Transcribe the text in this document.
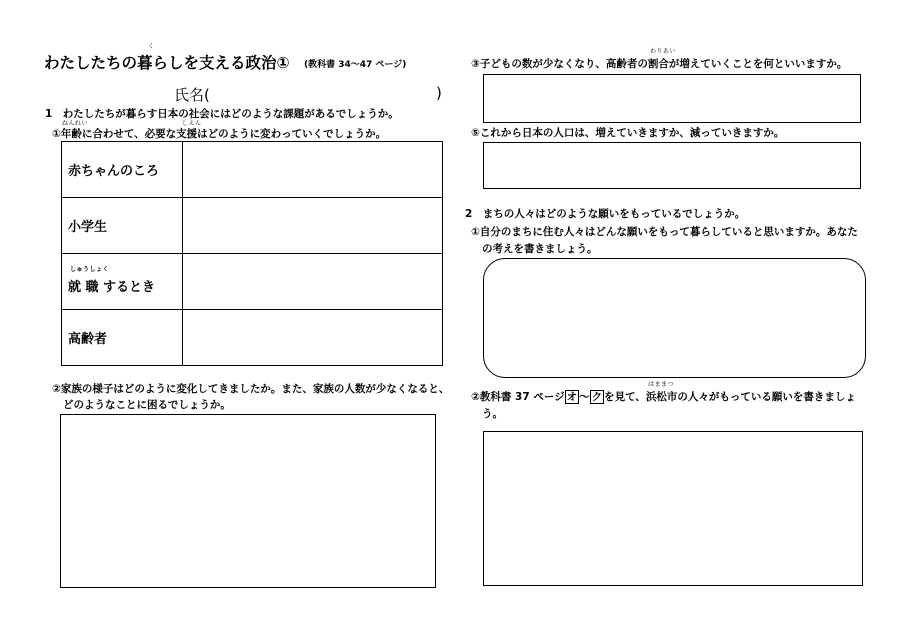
く
わたしたちの暮らしを支える政治① (教科書 34～47 ページ)
氏名(	)
1　わたしたちが暮らす日本の社会にはどのような課題があるでしょうか。
ねんれい	しえん
①年齢に合わせて、必要な支援はどのように変わっていくでしょうか。
赤ちゃんのころ	
小学生	

しゅうしょく
就 職 するとき	
高齢者	
②家族の様子はどのように変化してきましたか。また、家族の人数が少なくなると、
どのようなことに困るでしょうか。
わりあい
③子どもの数が少なくなり、高齢者の割合が増えていくことを何といいますか。
⑤これから日本の人口は、増えていきますか、減っていきますか。
2　まちの人々はどのような願いをもっているでしょうか。
①自分のまちに住む人々はどんな願いをもって暮らしていると思いますか。あなた
の考えを書きましょう。
はままつ
②教科書 37 ページ オ ～ ク を見て、浜松市の人々がもっている願いを書きましょ
う。
